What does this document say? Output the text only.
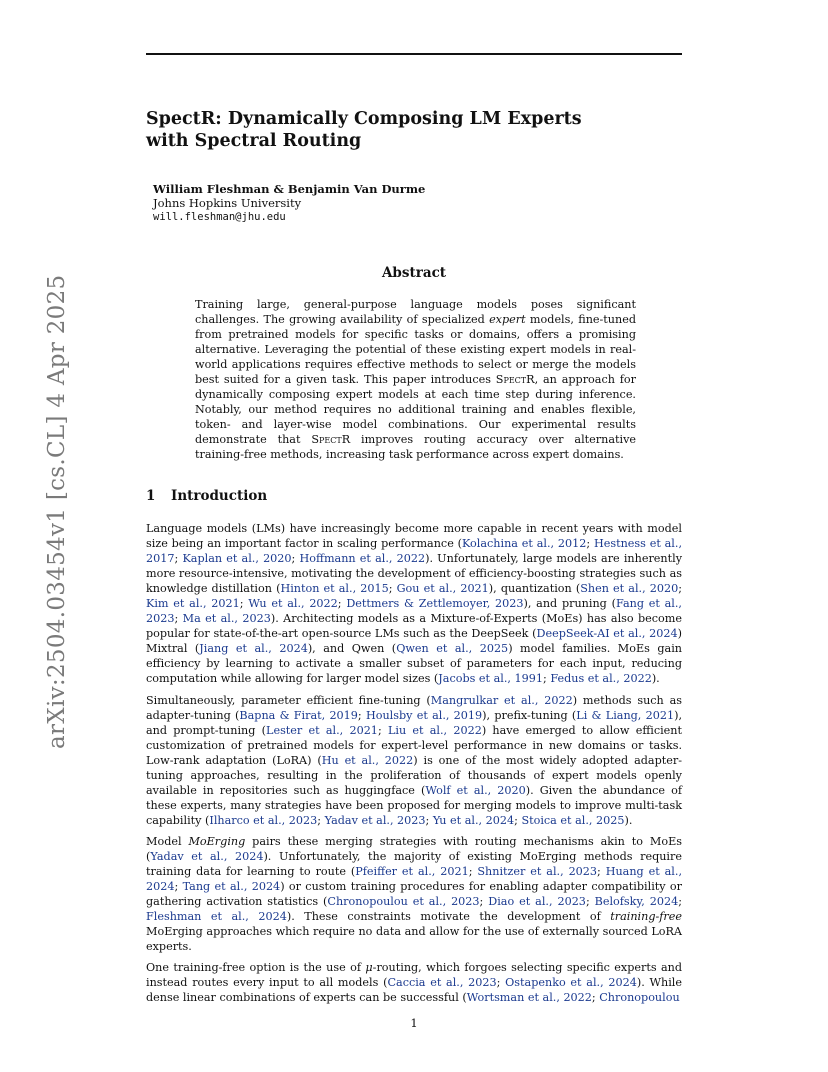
arXiv:2504.03454v1 [cs.CL] 4 Apr 2025
SpectR: Dynamically Composing LM Experts
with Spectral Routing
William Fleshman & Benjamin Van Durme
Johns Hopkins University
will.fleshman@jhu.edu
Abstract
Training large, general-purpose language models poses significant challenges. The growing availability of specialized expert models, fine-tuned from pretrained models for specific tasks or domains, offers a promising alternative. Leveraging the potential of these existing expert models in real-world applications requires effective methods to select or merge the models best suited for a given task. This paper introduces SpectR, an approach for dynamically composing expert models at each time step during inference. Notably, our method requires no additional training and enables flexible, token- and layer-wise model combinations. Our experimental results demonstrate that SpectR improves routing accuracy over alternative training-free methods, increasing task performance across expert domains.
1 Introduction

Language models (LMs) have increasingly become more capable in recent years with model size being an important factor in scaling performance (Kolachina et al., 2012; Hestness et al., 2017; Kaplan et al., 2020; Hoffmann et al., 2022). Unfortunately, large models are inherently more resource-intensive, motivating the development of efficiency-boosting strategies such as knowledge distillation (Hinton et al., 2015; Gou et al., 2021), quantization (Shen et al., 2020; Kim et al., 2021; Wu et al., 2022; Dettmers & Zettlemoyer, 2023), and pruning (Fang et al., 2023; Ma et al., 2023). Architecting models as a Mixture-of-Experts (MoEs) has also become popular for state-of-the-art open-source LMs such as the DeepSeek (DeepSeek-AI et al., 2024) Mixtral (Jiang et al., 2024), and Qwen (Qwen et al., 2025) model families. MoEs gain efficiency by learning to activate a smaller subset of parameters for each input, reducing computation while allowing for larger model sizes (Jacobs et al., 1991; Fedus et al., 2022).

Simultaneously, parameter efficient fine-tuning (Mangrulkar et al., 2022) methods such as adapter-tuning (Bapna & Firat, 2019; Houlsby et al., 2019), prefix-tuning (Li & Liang, 2021), and prompt-tuning (Lester et al., 2021; Liu et al., 2022) have emerged to allow efficient customization of pretrained models for expert-level performance in new domains or tasks. Low-rank adaptation (LoRA) (Hu et al., 2022) is one of the most widely adopted adapter-tuning approaches, resulting in the proliferation of thousands of expert models openly available in repositories such as huggingface (Wolf et al., 2020). Given the abundance of these experts, many strategies have been proposed for merging models to improve multi-task capability (Ilharco et al., 2023; Yadav et al., 2023; Yu et al., 2024; Stoica et al., 2025).

Model MoErging pairs these merging strategies with routing mechanisms akin to MoEs (Yadav et al., 2024). Unfortunately, the majority of existing MoErging methods require training data for learning to route (Pfeiffer et al., 2021; Shnitzer et al., 2023; Huang et al., 2024; Tang et al., 2024) or custom training procedures for enabling adapter compatibility or gathering activation statistics (Chronopoulou et al., 2023; Diao et al., 2023; Belofsky, 2024; Fleshman et al., 2024). These constraints motivate the development of training-free MoErging approaches which require no data and allow for the use of externally sourced LoRA experts.

One training-free option is the use of μ-routing, which forgoes selecting specific experts and instead routes every input to all models (Caccia et al., 2023; Ostapenko et al., 2024). While dense linear combinations of experts can be successful (Wortsman et al., 2022; Chronopoulou

1
